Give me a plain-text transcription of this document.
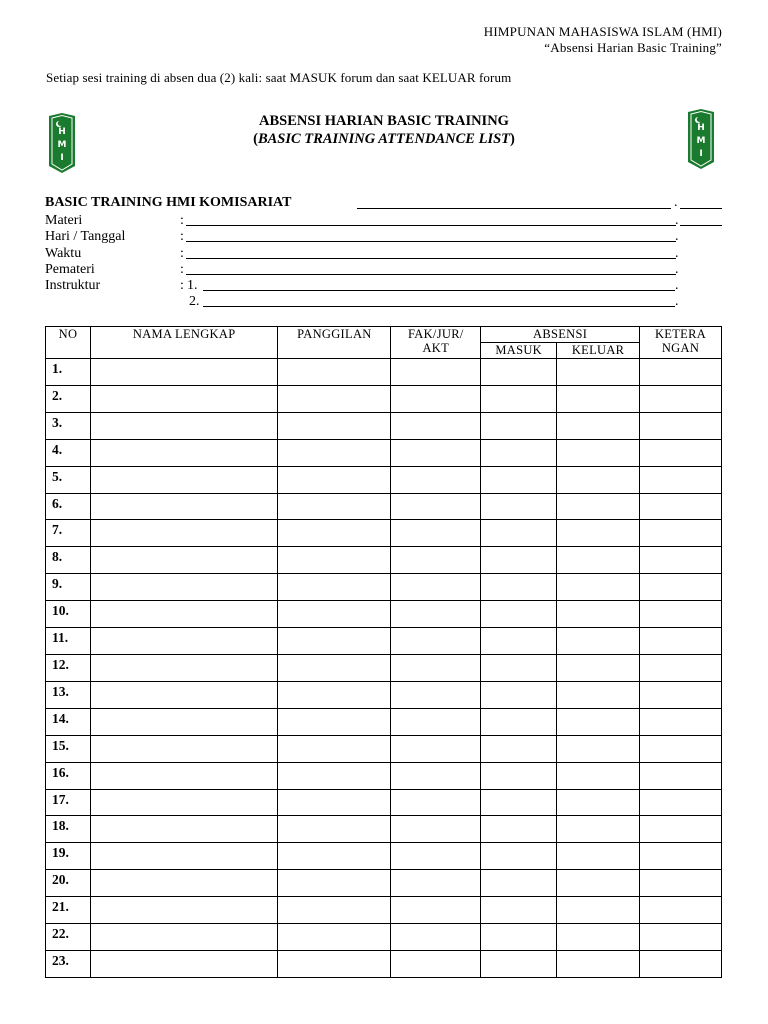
HIMPUNAN MAHASISWA ISLAM (HMI)
“Absensi Harian Basic Training”
Setiap sesi training di absen dua (2) kali: saat MASUK forum dan saat KELUAR forum
H
M
I
H
M
I
ABSENSI HARIAN BASIC TRAINING
(BASIC TRAINING ATTENDANCE LIST)
BASIC TRAINING HMI KOMISARIAT	.
Materi	:	.
Hari / Tanggal	:	.
Waktu	:	.
Pemateri	:	.
Instruktur	: 1.	.
2.	.
NO	NAMA LENGKAP	PANGGILAN	FAK/JUR/ AKT	ABSENSI		KETERA NGAN
				MASUK	KELUAR	
1.						
2.						
3.						
4.						
5.						
6.						
7.						
8.						
9.						
10.						
11.						
12.						
13.						
14.						
15.						
16.						
17.						
18.						
19.						
20.						
21.						
22.						
23.						
